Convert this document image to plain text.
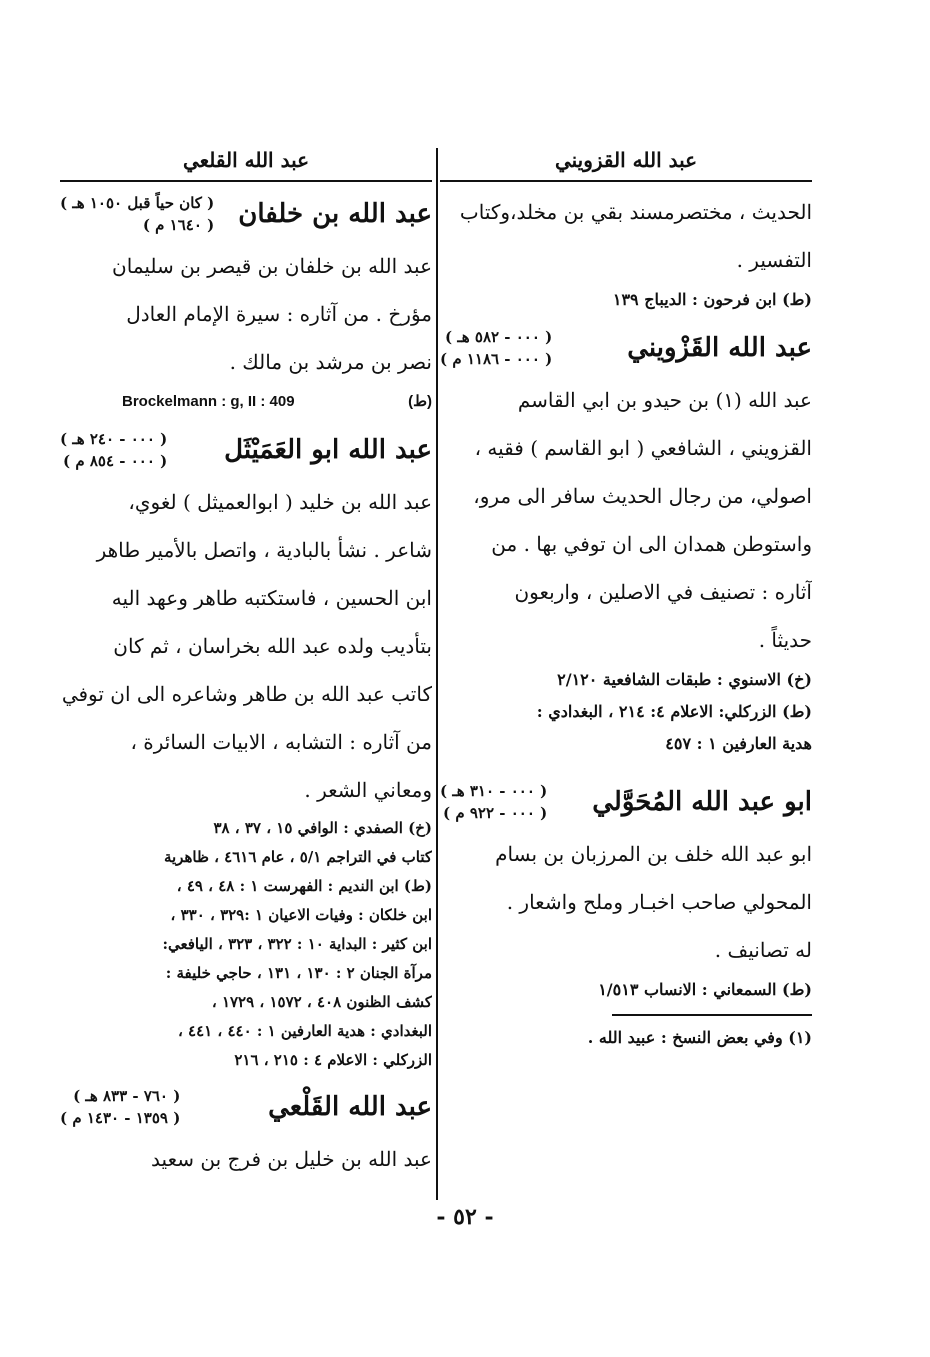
عبد الله القزويني
الحديث ، مختصرمسند بقي بن مخلد،وكتاب
التفسير .
(ط) ابن فرحون : الديباج ١٣٩
عبد الله القَزْويني
( ٠٠٠ - ٥٨٢ هـ )
( ٠٠٠ - ١١٨٦ م )
عبد الله (١) بن حيدو بن ابي القاسم
القزويني ، الشافعي ( ابو القاسم ) فقيه ،
اصولي، من رجال الحديث سافر الى مرو،
واستوطن همدان الى ان توفي بها . من
آثاره : تصنيف في الاصلين ، واربعون
حديثاً .
(خ) الاسنوي : طبقات الشافعية ٢/١٢٠
(ط) الزركلي: الاعلام ٤: ٢١٤ ، البغدادي :
هدية العارفين ١ : ٤٥٧
ابو عبد الله المُحَوَّلي
( ٠٠٠ - ٣١٠ هـ )
( ٠٠٠ - ٩٢٢ م )
ابو عبد الله خلف بن المرزبان بن بسام
المحولي صاحب اخبـار وملح واشعار .
له تصانيف .
(ط) السمعاني : الانساب ١/٥١٣
(١) وفي بعض النسخ : عبيد الله .
عبد الله القلعي
عبد الله بن خلفان
( كان حياً قبل ١٠٥٠ هـ )
( ١٦٤٠ م )
عبد الله بن خلفان بن قيصر بن سليمان
مؤرخ . من آثاره : سيرة الإمام العادل
نصر بن مرشد بن مالك .
Brockelmann : g, II : 409	(ط)
عبد الله ابو العَمَيْثَل
( ٠٠٠ - ٢٤٠ هـ )
( ٠٠٠ - ٨٥٤ م )
عبد الله بن خليد ( ابوالعميثل ) لغوي،
شاعر . نشأ بالبادية ، واتصل بالأمير طاهر
ابن الحسين ، فاستكتبه طاهر وعهد اليه
بتأديب ولده عبد الله بخراسان ، ثم كان
كاتب عبد الله بن طاهر وشاعره الى ان توفي
من آثاره : التشابه ، الابيات السائرة ،
ومعاني الشعر .
(خ) الصفدي : الوافي ١٥ ، ٣٧ ، ٣٨
كتاب في التراجم ٥/١ ، عام ٤٦١٦ ، ظاهرية
(ط) ابن النديم : الفهرست ١ : ٤٨ ، ٤٩ ،
ابن خلكان : وفيات الاعيان ١ :٣٢٩ ، ٣٣٠ ،
ابن كثير : البداية ١٠ : ٣٢٢ ، ٣٢٣ ، اليافعي:
مرآة الجنان ٢ : ١٣٠ ، ١٣١ ، حاجي خليفة :
كشف الظنون ٤٠٨ ، ١٥٧٢ ، ١٧٢٩ ،
البغدادي : هدية العارفين ١ : ٤٤٠ ، ٤٤١ ،
الزركلي : الاعلام ٤ : ٢١٥ ، ٢١٦
عبد الله القَلْعي
( ٧٦٠ - ٨٣٣ هـ )
( ١٣٥٩ - ١٤٣٠ م )
عبد الله بن خليل بن فرج بن سعيد
- ٥٢ -
